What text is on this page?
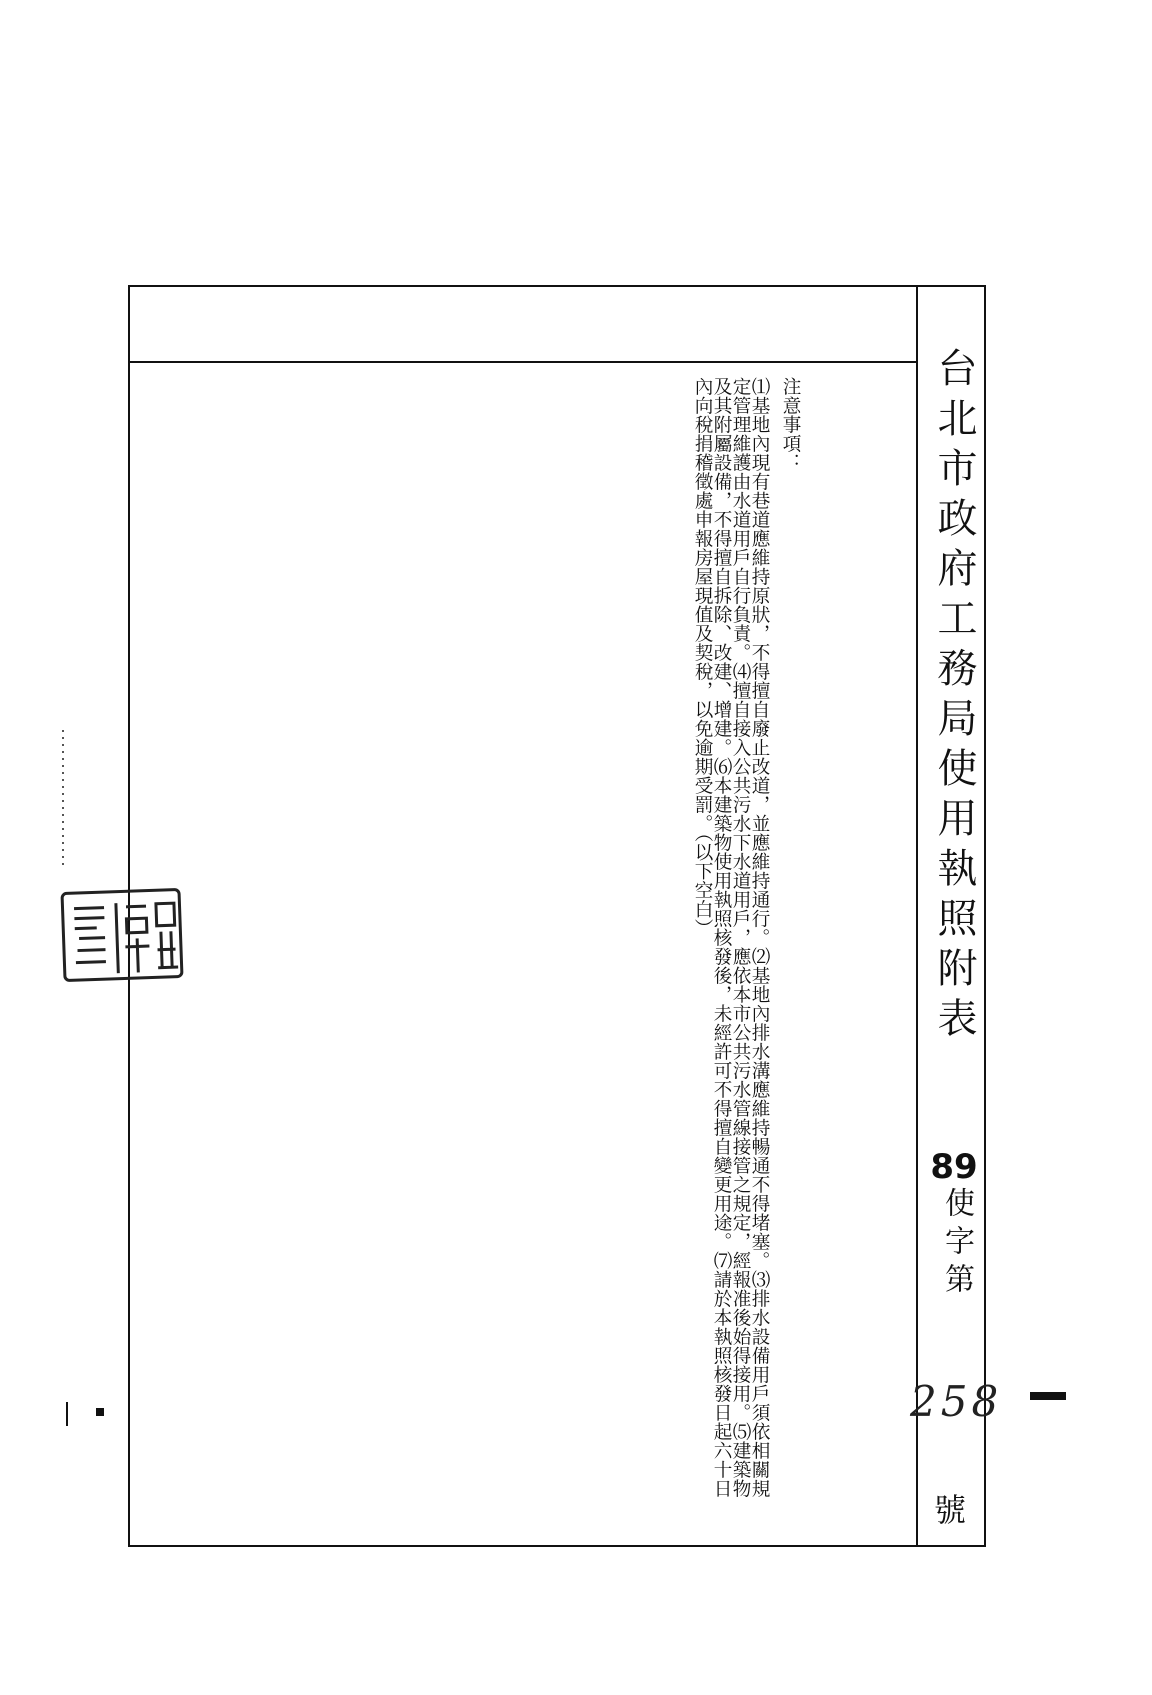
注意事項：
⑴基地內現有巷道應維持原狀，不得擅自廢止改道，並應維持通行。⑵基地內排水溝應維持暢通不得堵塞。⑶排水設備用戶須依相關規定管理維護由水道用戶自行負責。⑷擅自接入公共污水下水道用戶，應依本市公共污水管線接管之規定，經報准後始得接用。⑸建築物及其附屬設備，不得擅自拆除、改建、增建。⑹本建築物使用執照核發後，未經許可不得擅自變更用途。⑺請於本執照核發日起六十日內向稅捐稽徵處申報房屋現值及契稅，以免逾期受罰。（以下空白）	台北市政府工務局使用執照附表
89
使字第
258
號
